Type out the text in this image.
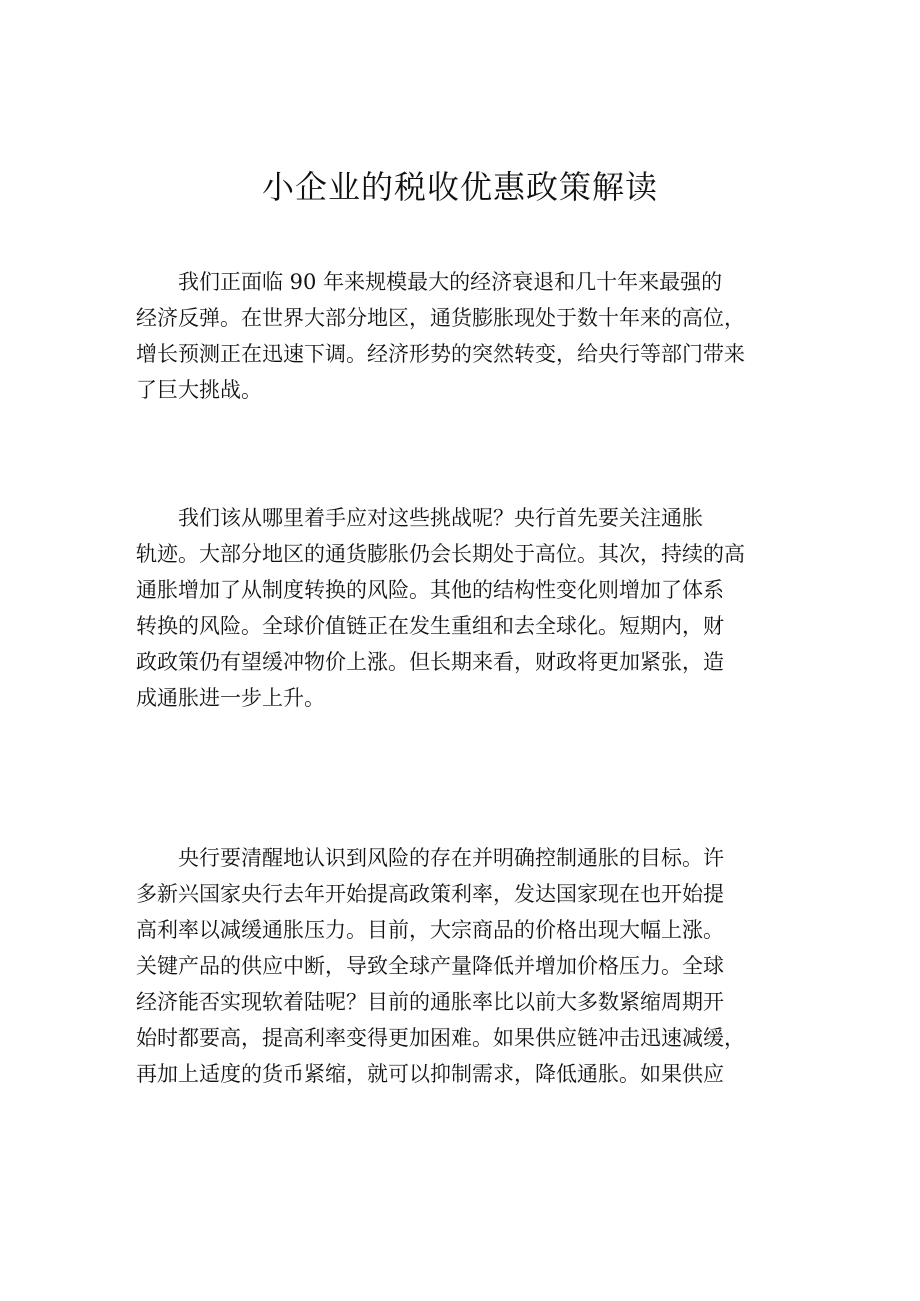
小企业的税收优惠政策解读

我们正面临 90 年来规模最大的经济衰退和几十年来最强的
经济反弹。在世界大部分地区，通货膨胀现处于数十年来的高位，
增长预测正在迅速下调。经济形势的突然转变，给央行等部门带来
了巨大挑战。

我们该从哪里着手应对这些挑战呢？央行首先要关注通胀
轨迹。大部分地区的通货膨胀仍会长期处于高位。其次，持续的高
通胀增加了从制度转换的风险。其他的结构性变化则增加了体系
转换的风险。全球价值链正在发生重组和去全球化。短期内，财
政政策仍有望缓冲物价上涨。但长期来看，财政将更加紧张，造
成通胀进一步上升。

央行要清醒地认识到风险的存在并明确控制通胀的目标。许
多新兴国家央行去年开始提高政策利率，发达国家现在也开始提
高利率以减缓通胀压力。目前，大宗商品的价格出现大幅上涨。
关键产品的供应中断，导致全球产量降低并增加价格压力。全球
经济能否实现软着陆呢？目前的通胀率比以前大多数紧缩周期开
始时都要高，提高利率变得更加困难。如果供应链冲击迅速减缓，
再加上适度的货币紧缩，就可以抑制需求，降低通胀。如果供应
